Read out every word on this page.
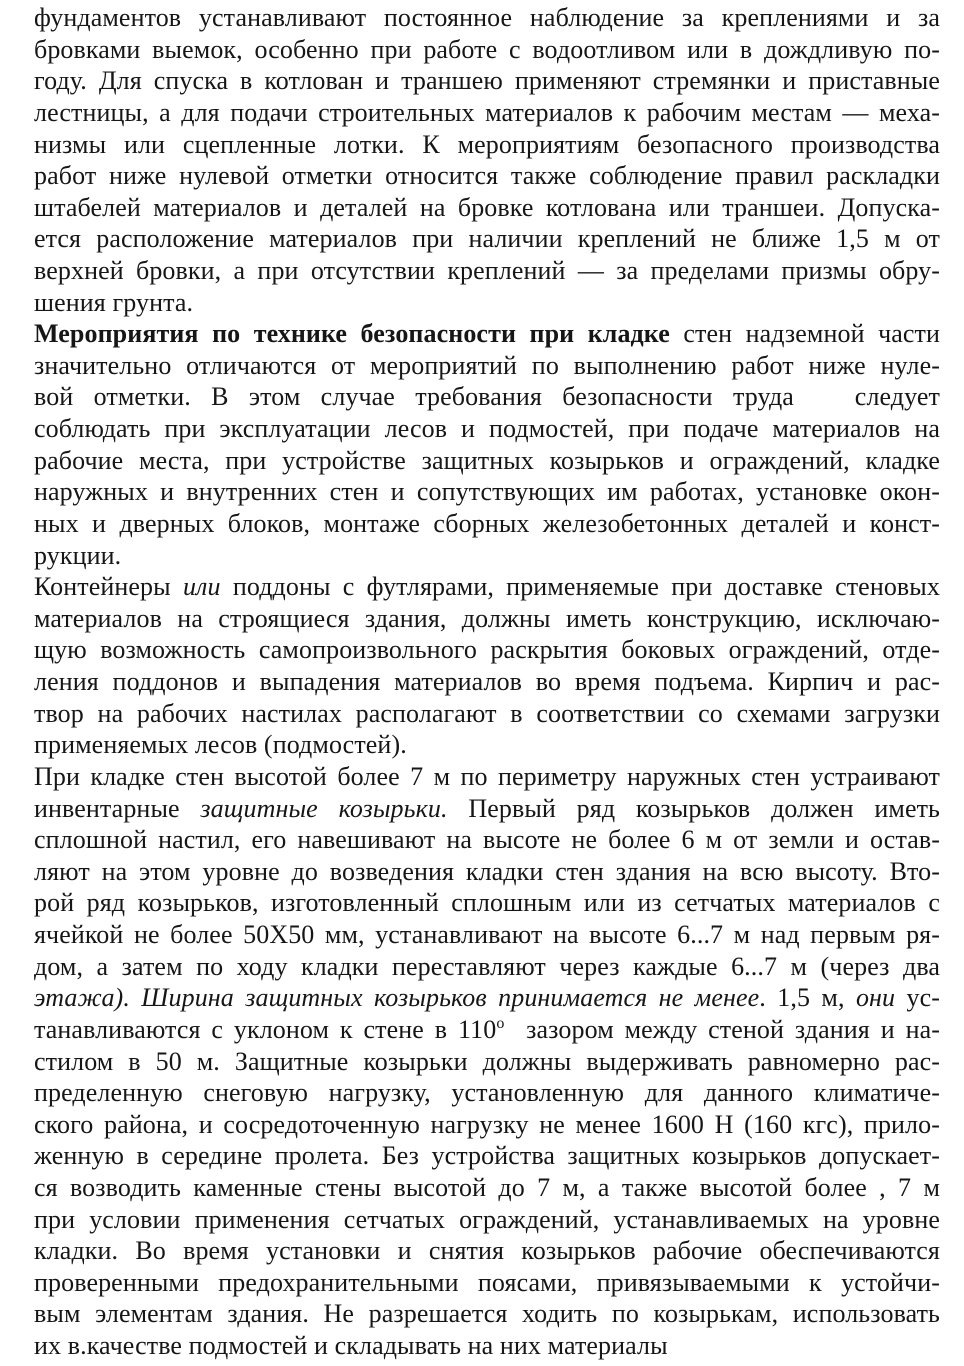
фундаментов устанавливают постоянное наблюдение за креплениями и за
бровками выемок, особенно при работе с водоотливом или в дождливую по-
году. Для спуска в котлован и траншею применяют стремянки и приставные
лестницы, а для подачи строительных материалов к рабочим местам — меха-
низмы или сцепленные лотки. К мероприятиям безопасного производства
работ ниже нулевой отметки относится также соблюдение правил раскладки
штабелей материалов и деталей на бровке котлована или траншеи. Допуска-
ется расположение материалов при наличии креплений не ближе 1,5 м от
верхней бровки, а при отсутствии креплений — за пределами призмы обру-
шения грунта.
Мероприятия по технике безопасности при кладке стен надземной части
значительно отличаются от мероприятий по выполнению работ ниже нуле-
вой отметки. В этом случае требования безопасности труда   следует
соблюдать при эксплуатации лесов и подмостей, при подаче материалов на
рабочие места, при устройстве защитных козырьков и ограждений, кладке
наружных и внутренних стен и сопутствующих им работах, установке окон-
ных и дверных блоков, монтаже сборных железобетонных деталей и конст-
рукции.
Контейнеры или поддоны с футлярами, применяемые при доставке стеновых
материалов на строящиеся здания, должны иметь конструкцию, исключаю-
щую возможность самопроизвольного раскрытия боковых ограждений, отде-
ления поддонов и выпадения материалов во время подъема. Кирпич и рас-
твор на рабочих настилах располагают в соответствии со схемами загрузки
применяемых лесов (подмостей).
При кладке стен высотой более 7 м по периметру наружных стен устраивают
инвентарные защитные козырьки. Первый ряд козырьков должен иметь
сплошной настил, его навешивают на высоте не более 6 м от земли и остав-
ляют на этом уровне до возведения кладки стен здания на всю высоту. Вто-
рой ряд козырьков, изготовленный сплошным или из сетчатых материалов с
ячейкой не более 50Х50 мм, устанавливают на высоте 6...7 м над первым ря-
дом, а затем по ходу кладки переставляют через каждые 6...7 м (через два
этажа). Ширина защитных козырьков принимается не менее. 1,5 м, они ус-
танавливаются с уклоном к стене в $110^о$  зазором между стеной здания и на-
стилом в 50 м. Защитные козырьки должны выдерживать равномерно рас-
пределенную снеговую нагрузку, установленную для данного климатиче-
ского района, и сосредоточенную нагрузку не менее 1600 Н (160 кгс), прило-
женную в середине пролета. Без устройства защитных козырьков допускает-
ся возводить каменные стены высотой до 7 м, а также высотой более , 7 м
при условии применения сетчатых ограждений, устанавливаемых на уровне
кладки. Во время установки и снятия козырьков рабочие обеспечиваются
проверенными предохранительными поясами, привязываемыми к устойчи-
вым элементам здания. Не разрешается ходить по козырькам, использовать
их в.качестве подмостей и складывать на них материалы
